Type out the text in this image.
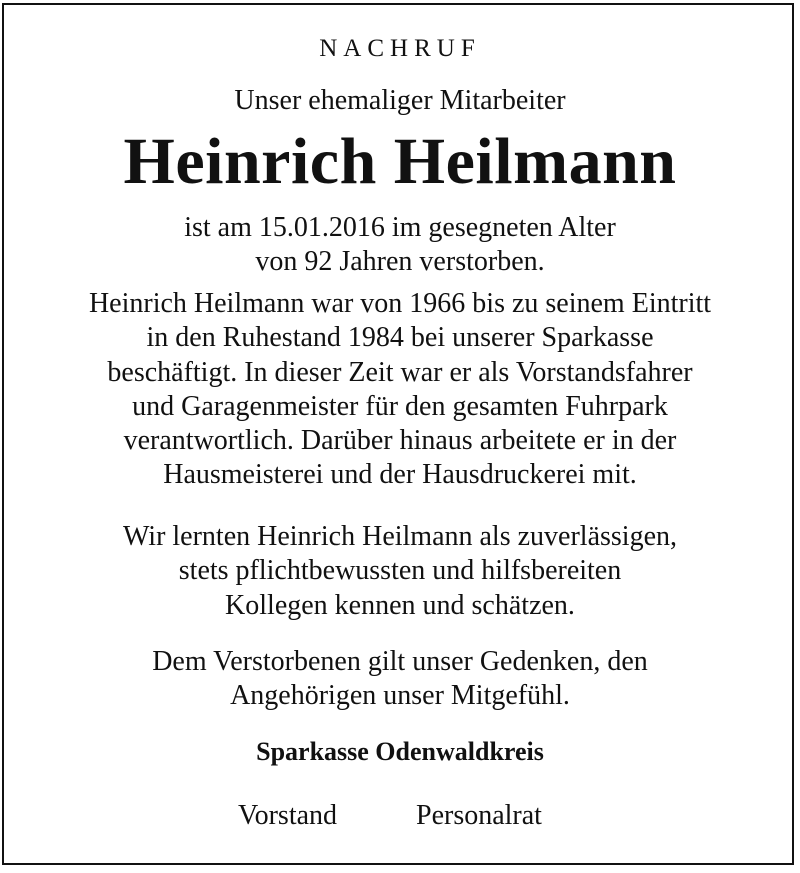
NACHRUF
Unser ehemaliger Mitarbeiter
Heinrich Heilmann
ist am 15.01.2016 im gesegneten Alter
von 92 Jahren verstorben.
Heinrich Heilmann war von 1966 bis zu seinem Eintritt
in den Ruhestand 1984 bei unserer Sparkasse
beschäftigt. In dieser Zeit war er als Vorstandsfahrer
und Garagenmeister für den gesamten Fuhrpark
verantwortlich. Darüber hinaus arbeitete er in der
Hausmeisterei und der Hausdruckerei mit.
Wir lernten Heinrich Heilmann als zuverlässigen,
stets pflichtbewussten und hilfsbereiten
Kollegen kennen und schätzen.
Dem Verstorbenen gilt unser Gedenken, den
Angehörigen unser Mitgefühl.
Sparkasse Odenwaldkreis
Vorstand	Personalrat
